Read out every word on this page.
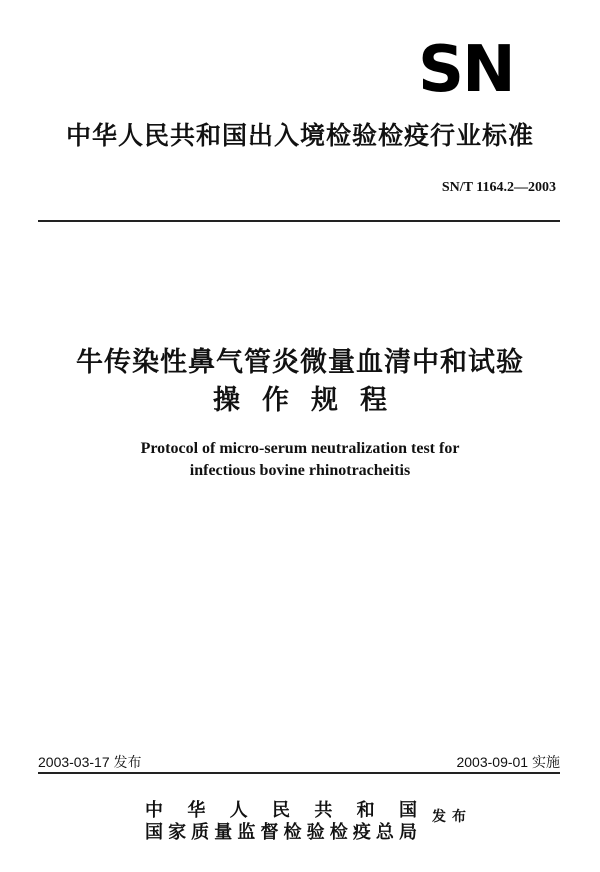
SN
中华人民共和国出入境检验检疫行业标准
SN/T 1164.2—2003
牛传染性鼻气管炎微量血清中和试验
操作规程
Protocol of micro-serum neutralization test for
infectious bovine rhinotracheitis
2003-03-17 发布	2003-09-01 实施
中华人民共和国
国家质量监督检验检疫总局
发布
